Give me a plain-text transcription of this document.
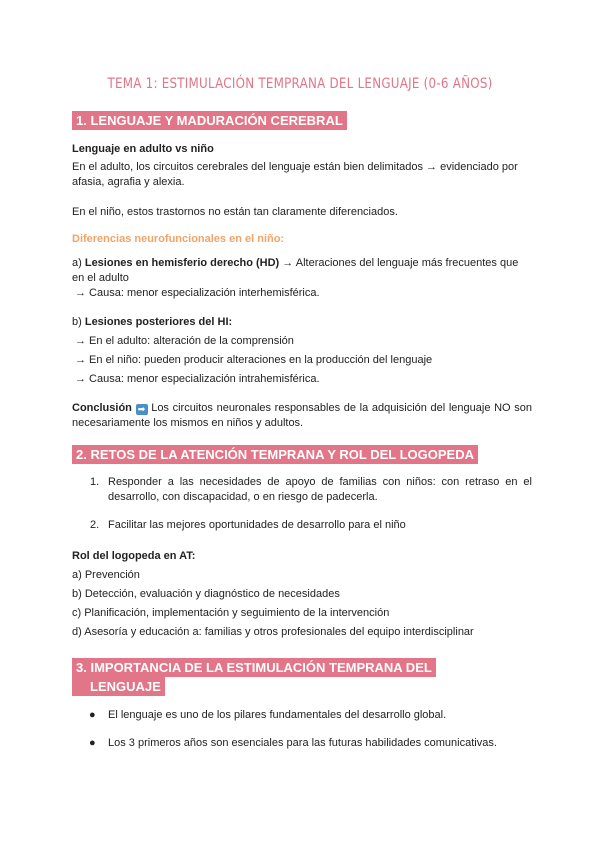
TEMA 1: ESTIMULACIÓN TEMPRANA DEL LENGUAJE (0-6 AÑOS)
1. LENGUAJE Y MADURACIÓN CEREBRAL
Lenguaje en adulto vs niño
En el adulto, los circuitos cerebrales del lenguaje están bien delimitados → evidenciado por afasia, agrafia y alexia.
En el niño, estos trastornos no están tan claramente diferenciados.
Diferencias neurofuncionales en el niño:
a) Lesiones en hemisferio derecho (HD) → Alteraciones del lenguaje más frecuentes que en el adulto
→ Causa: menor especialización interhemisférica.
b) Lesiones posteriores del HI:
→ En el adulto: alteración de la comprensión
→ En el niño: pueden producir alteraciones en la producción del lenguaje
→ Causa: menor especialización intrahemisférica.
Conclusión ➡ Los circuitos neuronales responsables de la adquisición del lenguaje NO son necesariamente los mismos en niños y adultos.
2. RETOS DE LA ATENCIÓN TEMPRANA Y ROL DEL LOGOPEDA
1. Responder a las necesidades de apoyo de familias con niños: con retraso en el desarrollo, con discapacidad, o en riesgo de padecerla.
2. Facilitar las mejores oportunidades de desarrollo para el niño
Rol del logopeda en AT:
a) Prevención
b) Detección, evaluación y diagnóstico de necesidades
c) Planificación, implementación y seguimiento de la intervención
d) Asesoría y educación a: familias y otros profesionales del equipo interdisciplinar
3. IMPORTANCIA DE LA ESTIMULACIÓN TEMPRANA DEL
LENGUAJE
● El lenguaje es uno de los pilares fundamentales del desarrollo global.
● Los 3 primeros años son esenciales para las futuras habilidades comunicativas.
